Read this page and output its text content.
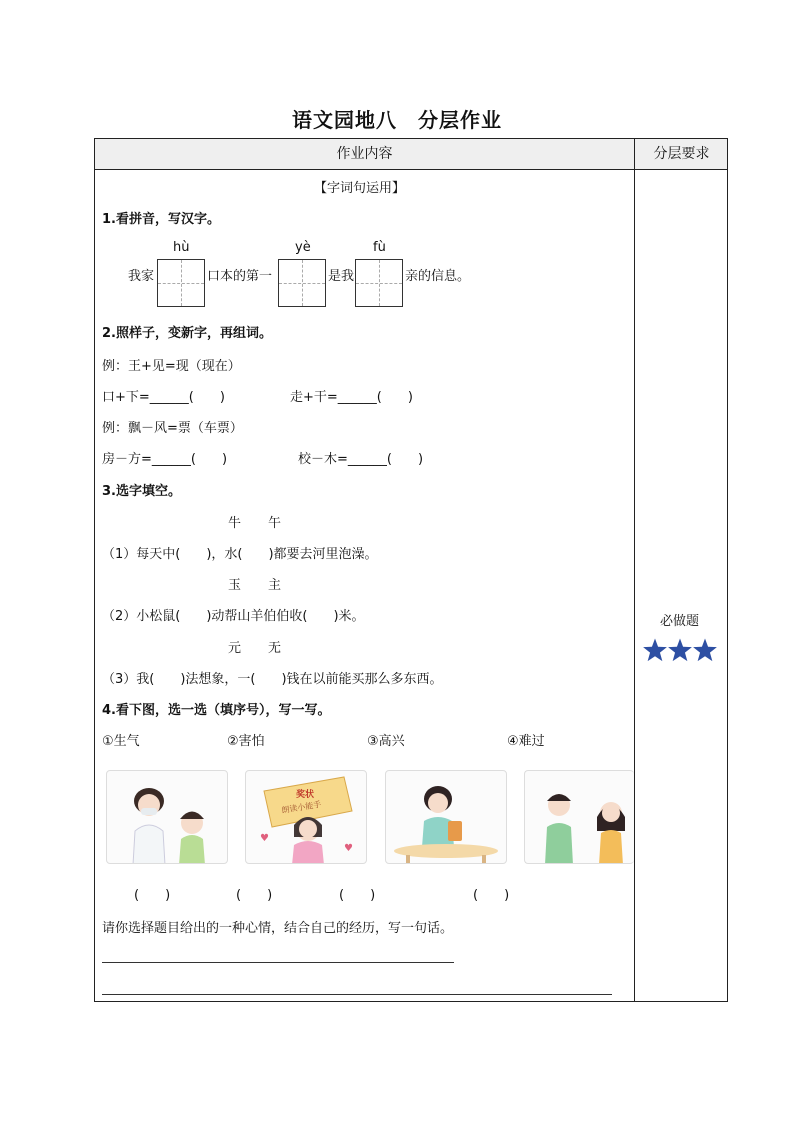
语文园地八　分层作业
作业内容	分层要求
【字词句运用】
1.看拼音，写汉字。
hù	yè	fù
我家	口本的第一	是我	亲的信息。
2.照样子，变新字，再组词。
例：王+见=现（现在）
口+下=______(　　)	走+干=______(　　)
例：飘－风=票（车票）
房－方=______(　　)	校－木=______(　　)
3.选字填空。
牛 午
（1）每天中(　　)，水(　　)都要去河里泡澡。
玉 主
（2）小松鼠(　　)动帮山羊伯伯收(　　)米。
元 无
（3）我(　　)法想象，一(　　)钱在以前能买那么多东西。
4.看下图，选一选（填序号），写一写。
①生气	②害怕	③高兴	④难过
奖状
朗读小能手
♥
♥
(　　)	(　　)	(　　)	(　　)
请你选择题目给出的一种心情，结合自己的经历，写一句话。
必做题
